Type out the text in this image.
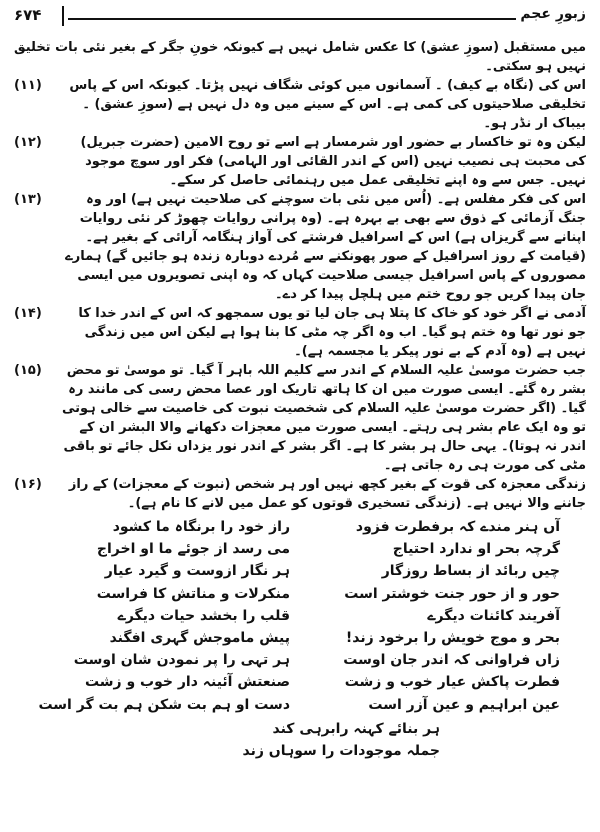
۶۷۴	زبورِ عجم
میں مستقبل (سوزِ عشق) کا عکس شامل نہیں ہے کیونکہ خونِ جگر کے بغیر نئی بات تخلیق نہیں ہو سکتی۔
(۱۱)	اس کی (نگاہ بے کیف) ۔ آسمانوں میں کوئی شگاف نہیں پڑتا۔ کیونکہ اس کے پاس تخلیقی صلاحیتوں کی کمی ہے۔ اس کے سینے میں وہ دل نہیں ہے (سوزِ عشق) ۔ بیباک ار نڈر ہو۔
(۱۲)	لیکن وہ تو خاکسار بے حضور اور شرمسار ہے اسے تو روح الامین (حضرت جبریل) کی محبت ہی نصیب نہیں (اس کے اندر القائی اور الہامی) فکر اور سوچ موجود نہیں۔ جس سے وہ اپنے تخلیقی عمل میں رہنمائی حاصل کر سکے۔
(۱۳)	اس کی فکر مفلس ہے۔ (اُس میں نئی بات سوچنے کی صلاحیت نہیں ہے) اور وہ جنگ آزمائی کے ذوق سے بھی بے بہرہ ہے۔ (وہ پرانی روایات چھوڑ کر نئی روایات اپنانے سے گریزاں ہے) اس کے اسرافیل فرشتے کی آواز ہنگامہ آرائی کے بغیر ہے۔ (قیامت کے روز اسرافیل کے صور پھونکنے سے مُردے دوبارہ زندہ ہو جائیں گے) ہمارے مصوروں کے پاس اسرافیل جیسی صلاحیت کہاں کہ وہ اپنی تصویروں میں ایسی جان پیدا کریں جو روح ختم میں ہلچل پیدا کر دے۔
(۱۴)	آدمی نے اگر خود کو خاک کا پتلا ہی جان لیا تو یوں سمجھو کہ اس کے اندر خدا کا جو نور تھا وہ ختم ہو گیا۔ اب وہ اگر چہ مٹی کا بنا ہوا ہے لیکن اس میں زندگی نہیں ہے (وہ آدم کے بے نور پیکر یا مجسمہ ہے)۔
(۱۵)	جب حضرت موسیٰ علیہ السلام کے اندر سے کلیم اللہ باہر آ گیا۔ تو موسیٰ تو محض بشر رہ گئے۔ ایسی صورت میں ان کا ہاتھ تاریک اور عصا محض رسی کی مانند رہ گیا۔ (اگر حضرت موسیٰ علیہ السلام کی شخصیت نبوت کی خاصیت سے خالی ہوتی تو وہ ایک عام بشر ہی رہتے۔ ایسی صورت میں معجزات دکھانے والا البشر ان کے اندر نہ ہوتا)۔ یہی حال ہر بشر کا ہے۔ اگر بشر کے اندر نور یزداں نکل جائے تو باقی مٹی کی مورت ہی رہ جاتی ہے۔
(۱۶)	زندگی معجزہ کی قوت کے بغیر کچھ نہیں اور ہر شخص (نبوت کے معجزات) کے راز جاننے والا نہیں ہے۔ (زندگی تسخیری قوتوں کو عمل میں لانے کا نام ہے)۔
آں ہنر مندے کہ برفطرت فزود
راز خود را برنگاہ ما کشود
گرچہ بحر او ندارد احتیاج
می رسد از جوئے ما او اخراج
چیں ربائد از بساط روزگار
ہر نگار ازوست و گیرد عیار
حور و از حور جنت خوشتر است
منکرلات و مناتش کا فراست
آفریند کائنات دیگرے
قلب را بخشد حیات دیگرے
بحر و موج خویش را برخود زند!
پیش ماموجش گہری افگند
زاں فراوانی کہ اندر جان اوست
ہر تہی را پر نمودن شان اوست
فطرت پاکش عیار خوب و زشت
صنعتش آئینہ دار خوب و زشت
عین ابراہیم و عین آزر است
دست او ہم بت شکن ہم بت گر است
ہر بنائے کہنہ رابرہی کند
جملہ موجودات را سوہاں زند
